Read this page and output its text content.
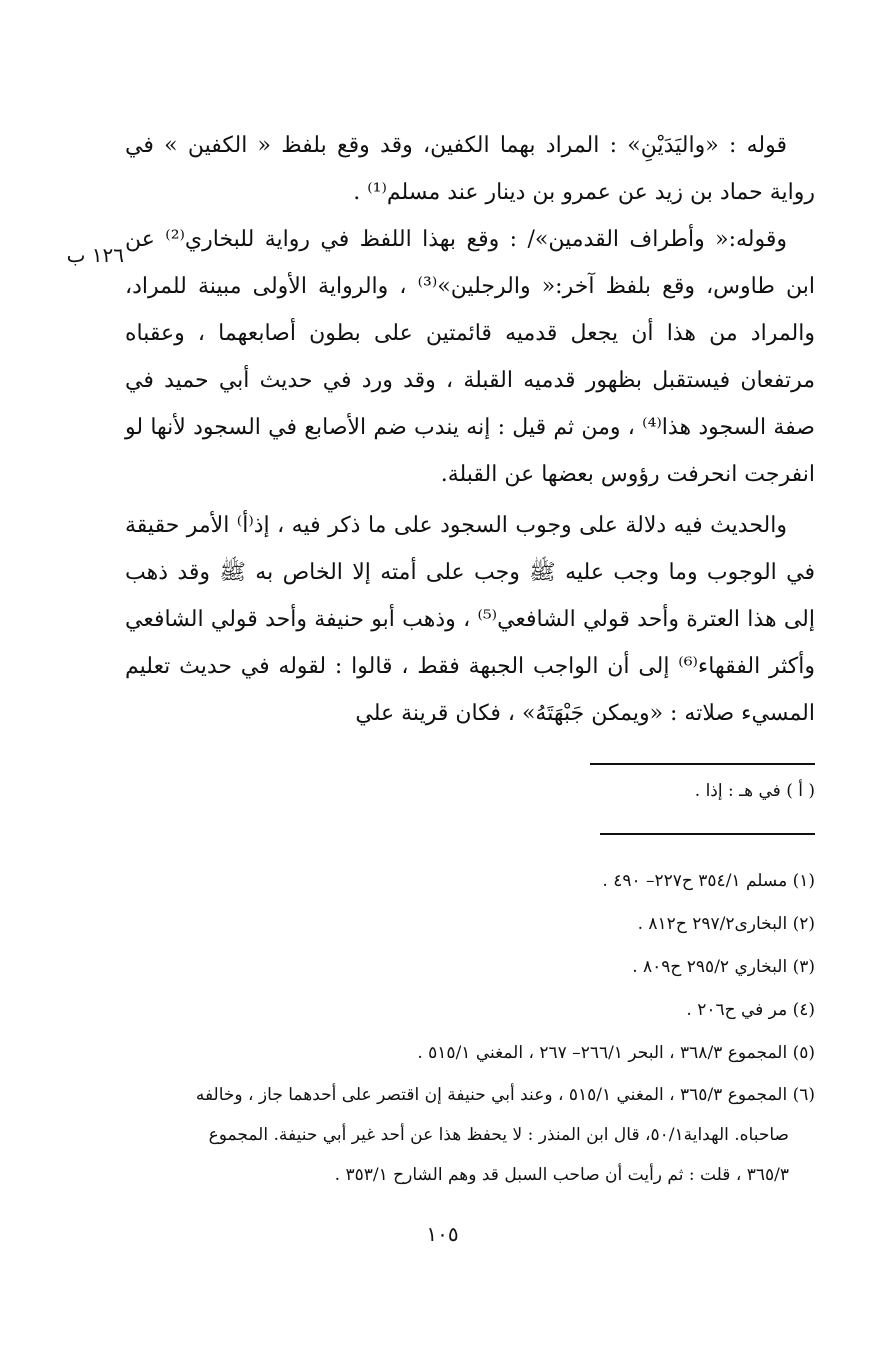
قوله : «واليَدَيْنِ» : المراد بهما الكفين، وقد وقع بلفظ « الكفين » في رواية حماد بن زيد عن عمرو بن دينار عند مسلم⁽¹⁾ .

وقوله:« وأطراف القدمين»/ : وقع بهذا اللفظ في رواية للبخاري⁽²⁾ عن ابن طاوس، وقع بلفظ آخر:« والرجلين»⁽³⁾ ، والرواية الأولى مبينة للمراد، والمراد من هذا أن يجعل قدميه قائمتين على بطون أصابعهما ، وعقباه مرتفعان فيستقبل بظهور قدميه القبلة ، وقد ورد في حديث أبي حميد في صفة السجود هذا⁽⁴⁾ ، ومن ثم قيل : إنه يندب ضم الأصابع في السجود لأنها لو انفرجت انحرفت رؤوس بعضها عن القبلة.

والحديث فيه دلالة على وجوب السجود على ما ذكر فيه ، إذ⁽أ⁾ الأمر حقيقة في الوجوب وما وجب عليه ﷺ وجب على أمته إلا الخاص به ﷺ وقد ذهب إلى هذا العترة وأحد قولي الشافعي⁽⁵⁾ ، وذهب أبو حنيفة وأحد قولي الشافعي وأكثر الفقهاء⁽⁶⁾ إلى أن الواجب الجبهة فقط ، قالوا : لقوله في حديث تعليم المسيء صلاته : «ويمكن جَبْهَتَهُ» ، فكان قرينة علي

١٢٦ ب
( أ ) في هـ : إذا .
(١) مسلم ٣٥٤/١ ح٢٢٧– ٤٩٠ .
(٢) البخارى٢٩٧/٢ ح٨١٢ .
(٣) البخاري ٢٩٥/٢ ح٨٠٩ .
(٤) مر في ح٢٠٦ .
(٥) المجموع ٣٦٨/٣ ، البحر ٢٦٦/١– ٢٦٧ ، المغني ٥١٥/١ .
(٦) المجموع ٣٦٥/٣ ، المغني ٥١٥/١ ، وعند أبي حنيفة إن اقتصر على أحدهما جاز ، وخالفه
صاحباه. الهداية٥٠/١، قال ابن المنذر : لا يحفظ هذا عن أحد غير أبي حنيفة. المجموع
٣٦٥/٣ ، قلت : ثم رأيت أن صاحب السبل قد وهم الشارح ٣٥٣/١ .
١٠٥
